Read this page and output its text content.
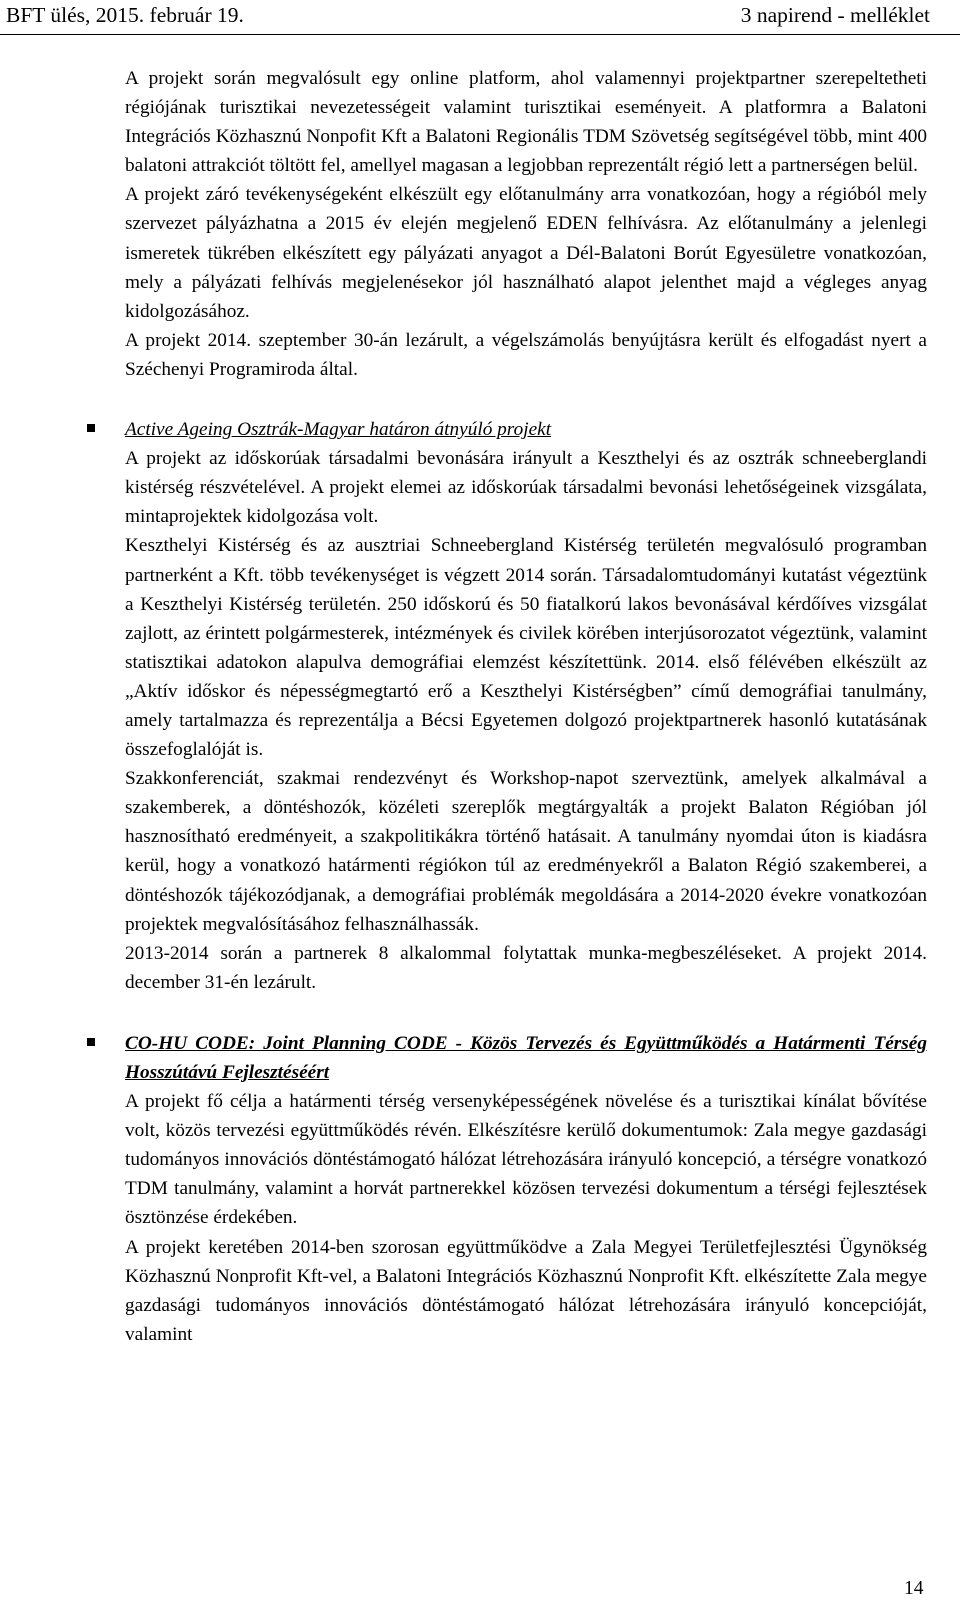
BFT ülés, 2015. február 19.	3 napirend - melléklet

A projekt során megvalósult egy online platform, ahol valamennyi projektpartner szerepeltetheti régiójának turisztikai nevezetességeit valamint turisztikai eseményeit. A platformra a Balatoni Integrációs Közhasznú Nonpofit Kft a Balatoni Regionális TDM Szövetség segítségével több, mint 400 balatoni attrakciót töltött fel, amellyel magasan a legjobban reprezentált régió lett a partnerségen belül.

A projekt záró tevékenységeként elkészült egy előtanulmány arra vonatkozóan, hogy a régióból mely szervezet pályázhatna a 2015 év elején megjelenő EDEN felhívásra. Az előtanulmány a jelenlegi ismeretek tükrében elkészített egy pályázati anyagot a Dél-Balatoni Borút Egyesületre vonatkozóan, mely a pályázati felhívás megjelenésekor jól használható alapot jelenthet majd a végleges anyag kidolgozásához.

A projekt 2014. szeptember 30-án lezárult, a végelszámolás benyújtásra került és elfogadást nyert a Széchenyi Programiroda által.

Active Ageing Osztrák-Magyar határon átnyúló projekt

A projekt az időskorúak társadalmi bevonására irányult a Keszthelyi és az osztrák schneeberglandi kistérség részvételével. A projekt elemei az időskorúak társadalmi bevonási lehetőségeinek vizsgálata, mintaprojektek kidolgozása volt.

Keszthelyi Kistérség és az ausztriai Schneebergland Kistérség területén megvalósuló programban partnerként a Kft. több tevékenységet is végzett 2014 során. Társadalomtudományi kutatást végeztünk a Keszthelyi Kistérség területén. 250 időskorú és 50 fiatalkorú lakos bevonásával kérdőíves vizsgálat zajlott, az érintett polgármesterek, intézmények és civilek körében interjúsorozatot végeztünk, valamint statisztikai adatokon alapulva demográfiai elemzést készítettünk. 2014. első félévében elkészült az „Aktív időskor és népességmegtartó erő a Keszthelyi Kistérségben” című demográfiai tanulmány, amely tartalmazza és reprezentálja a Bécsi Egyetemen dolgozó projektpartnerek hasonló kutatásának összefoglalóját is.

Szakkonferenciát, szakmai rendezvényt és Workshop-napot szerveztünk, amelyek alkalmával a szakemberek, a döntéshozók, közéleti szereplők megtárgyalták a projekt Balaton Régióban jól hasznosítható eredményeit, a szakpolitikákra történő hatásait. A tanulmány nyomdai úton is kiadásra kerül, hogy a vonatkozó határmenti régiókon túl az eredményekről a Balaton Régió szakemberei, a döntéshozók tájékozódjanak, a demográfiai problémák megoldására a 2014-2020 évekre vonatkozóan projektek megvalósításához felhasználhassák.

2013-2014 során a partnerek 8 alkalommal folytattak munka-megbeszéléseket. A projekt 2014. december 31-én lezárult.

CO-HU CODE: Joint Planning CODE - Közös Tervezés és Együttműködés a Határmenti Térség Hosszútávú Fejlesztéséért

A projekt fő célja a határmenti térség versenyképességének növelése és a turisztikai kínálat bővítése volt, közös tervezési együttműködés révén. Elkészítésre kerülő dokumentumok: Zala megye gazdasági tudományos innovációs döntéstámogató hálózat létrehozására irányuló koncepció, a térségre vonatkozó TDM tanulmány, valamint a horvát partnerekkel közösen tervezési dokumentum a térségi fejlesztések ösztönzése érdekében.

A projekt keretében 2014-ben szorosan együttműködve a Zala Megyei Területfejlesztési Ügynökség Közhasznú Nonprofit Kft-vel, a Balatoni Integrációs Közhasznú Nonprofit Kft. elkészítette Zala megye gazdasági tudományos innovációs döntéstámogató hálózat létrehozására irányuló koncepcióját, valamint

14
